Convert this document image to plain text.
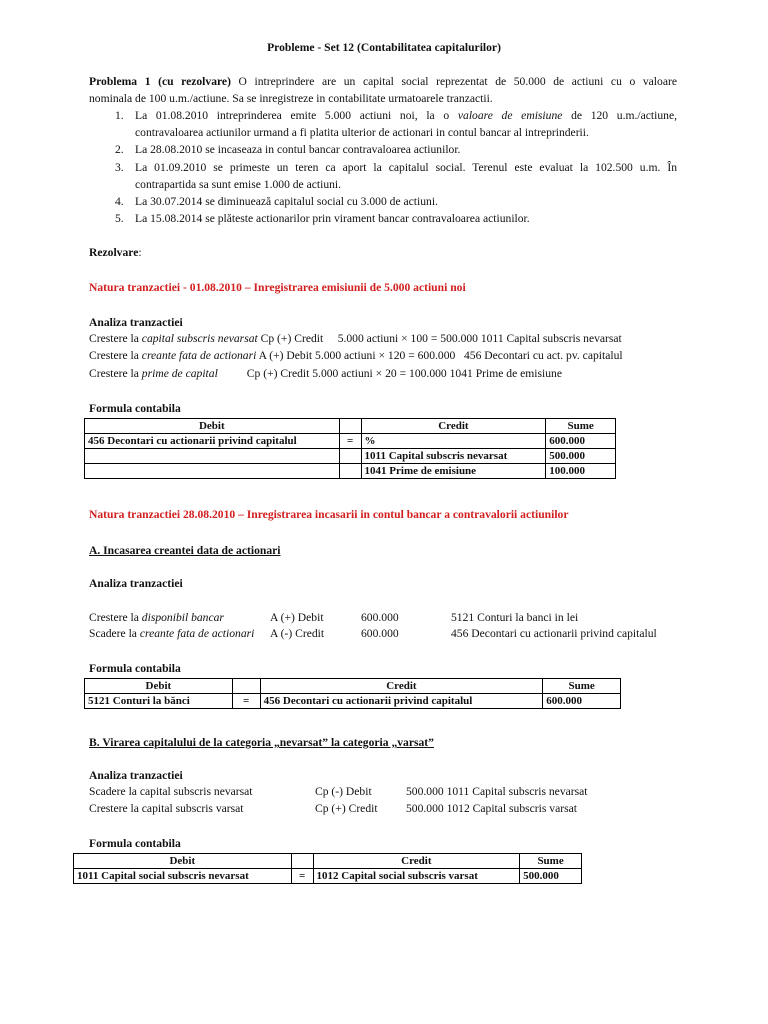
Probleme - Set 12 (Contabilitatea capitalurilor)
Problema 1 (cu rezolvare) O intreprindere are un capital social reprezentat de 50.000 de actiuni cu o valoare
nominala de 100 u.m./actiune. Sa se inregistreze in contabilitate urmatoarele tranzactii.
1. La 01.08.2010 intreprinderea emite 5.000 actiuni noi, la o valoare de emisiune de 120 u.m./actiune,
contravaloarea actiunilor urmand a fi platita ulterior de actionari in contul bancar al intreprinderii.
2. La 28.08.2010 se incaseaza in contul bancar contravaloarea actiunilor.
3. La 01.09.2010 se primeste un teren ca aport la capitalul social. Terenul este evaluat la 102.500 u.m. În
contrapartida sa sunt emise 1.000 de actiuni.
4. La 30.07.2014 se diminuează capitalul social cu 3.000 de actiuni.
5. La 15.08.2014 se plăteste actionarilor prin virament bancar contravaloarea actiunilor.
Rezolvare:
Natura tranzactiei - 01.08.2010 – Inregistrarea emisiunii de 5.000 actiuni noi
Analiza tranzactiei
Crestere la capital subscris nevarsat Cp (+) Credit     5.000 actiuni × 100 = 500.000 1011 Capital subscris nevarsat
Crestere la creante fata de actionari A (+) Debit 5.000 actiuni × 120 = 600.000   456 Decontari cu act. pv. capitalul
Crestere la prime de capital          Cp (+) Credit 5.000 actiuni × 20 = 100.000 1041 Prime de emisiune
Formula contabila
Debit		Credit	Sume
456 Decontari cu actionarii privind capitalul	=	%	600.000
		1011 Capital subscris nevarsat	500.000
		1041 Prime de emisiune	100.000
Natura tranzactiei 28.08.2010 – Inregistrarea incasarii in contul bancar a contravalorii actiunilor
A. Incasarea creantei data de actionari
Analiza tranzactiei
Crestere la disponibil bancar	A (+) Debit	600.000	5121 Conturi la banci in lei
Scadere la creante fata de actionari A (-) Credit	600.000	456 Decontari cu actionarii privind capitalul
Formula contabila
Debit		Credit	Sume
5121 Conturi la bănci	=	456 Decontari cu actionarii privind capitalul	600.000
B. Virarea capitalului de la categoria „nevarsat” la categoria „varsat”
Analiza tranzactiei
Scadere la capital subscris nevarsat	Cp (-) Debit	500.000 1011 Capital subscris nevarsat
Crestere la capital subscris varsat	Cp (+) Credit 500.000 1012 Capital subscris varsat
Formula contabila
Debit		Credit	Sume
1011 Capital social subscris nevarsat	=	1012 Capital social subscris varsat	500.000
